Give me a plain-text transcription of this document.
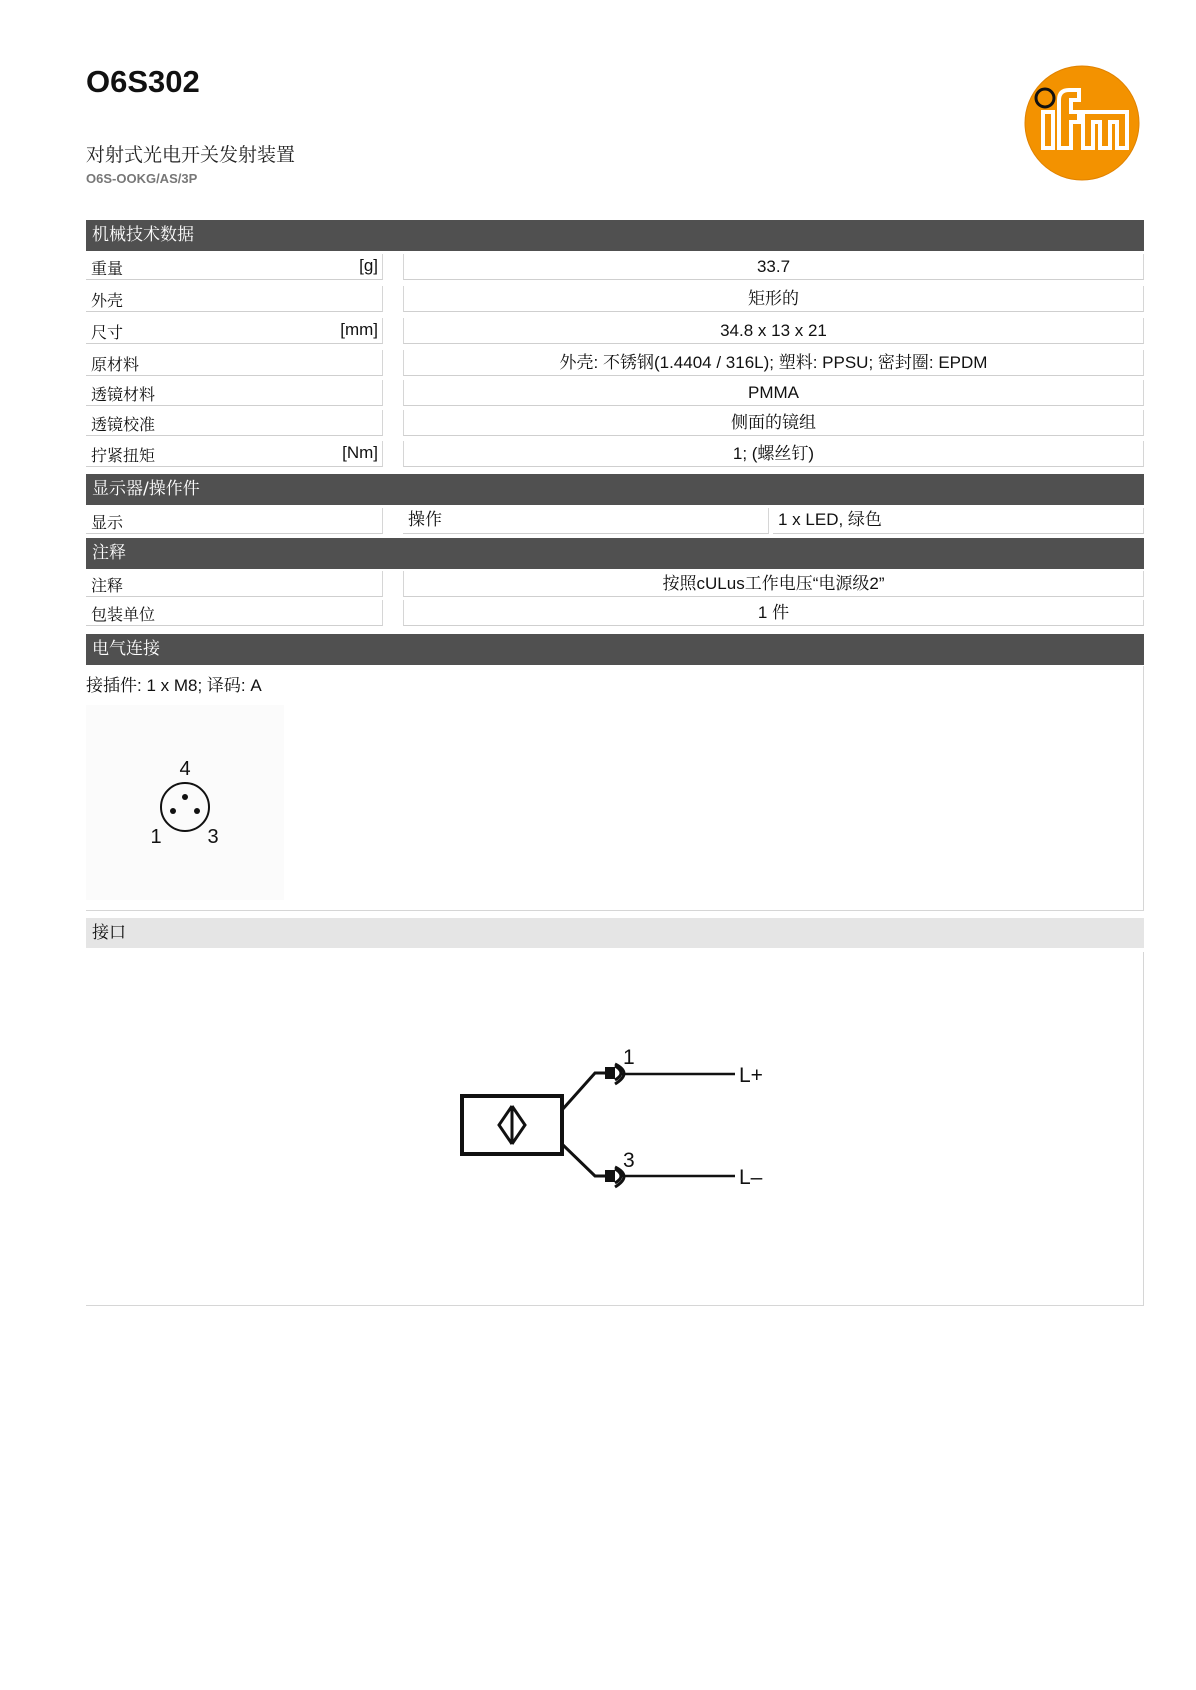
O6S302
对射式光电开关发射装置
O6S-OOKG/AS/3P
机械技术数据
重量	[g]	33.7
外壳	矩形的
尺寸	[mm]	34.8 x 13 x 21
原材料	外壳: 不锈钢(1.4404 / 316L); 塑料: PPSU; 密封圈: EPDM
透镜材料	PMMA
透镜校准	侧面的镜组
拧紧扭矩	[Nm]	1; (螺丝钉)
显示器/操作件
显示	操作	1 x LED, 绿色
注释
注释	按照cULus工作电压“电源级2”
包装单位	1 件
电气连接
接插件: 1 x M8; 译码: A
4
1 3
接口
1
3
L+
L–
